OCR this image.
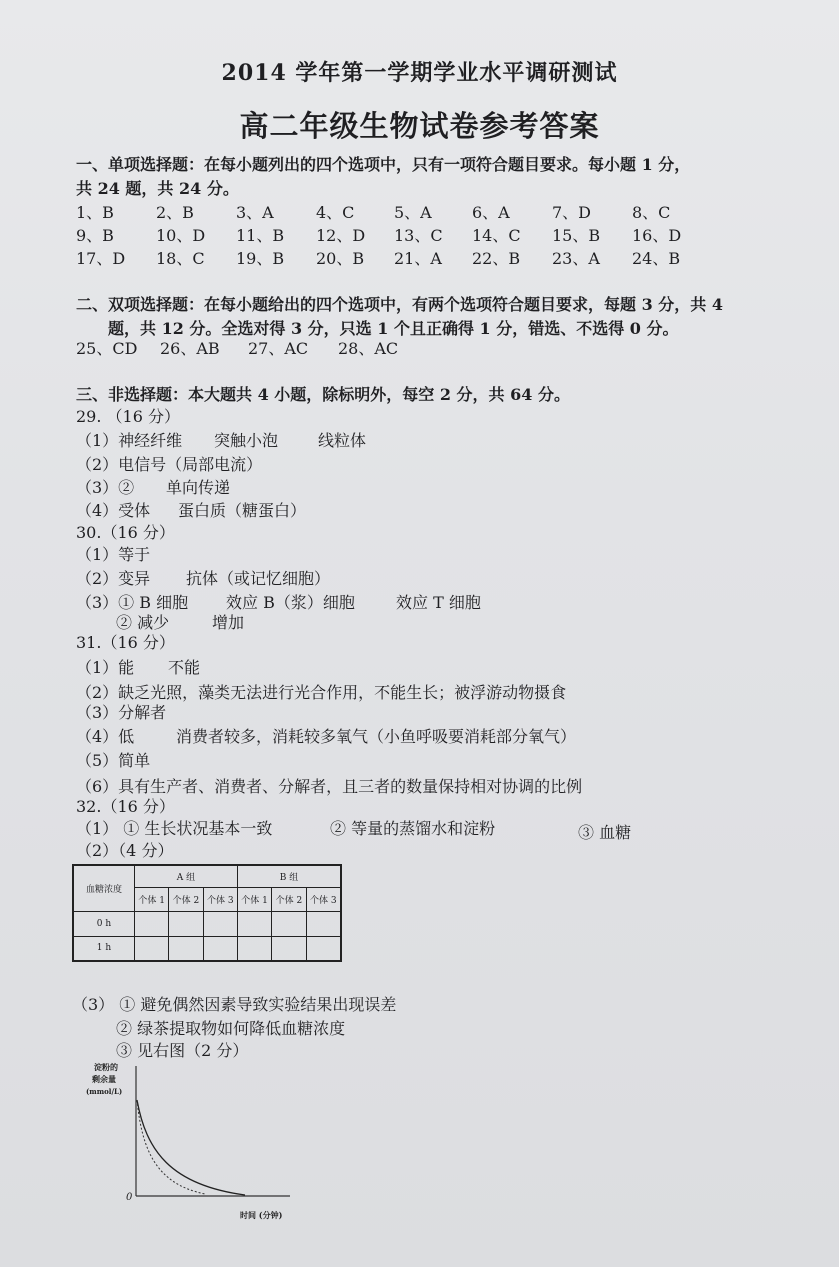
2014 学年第一学期学业水平调研测试
高二年级生物试卷参考答案
一、单项选择题：在每小题列出的四个选项中，只有一项符合题目要求。每小题 1 分，
共 24 题，共 24 分。
1、B	2、B	3、A	4、C 5、A	6、A	7、D	8、C
9、B	10、D 11、B 12、D 13、C 14、C 15、B 16、D
17、D 18、C 19、B 20、B 21、A 22、B 23、A 24、B
二、双项选择题：在每小题给出的四个选项中，有两个选项符合题目要求，每题 3 分，共 4
题，共 12 分。全选对得 3 分，只选 1 个且正确得 1 分，错选、不选得 0 分。
25、CD 26、AB 27、AC 28、AC
三、非选择题：本大题共 4 小题，除标明外，每空 2 分，共 64 分。
29. （16 分）
（1）神经纤维 突触小泡 线粒体
（2）电信号（局部电流）
（3）② 单向传递
（4）受体 蛋白质（糖蛋白）
30.（16 分）
（1）等于
（2）变异 抗体（或记忆细胞）
（3）① B 细胞 效应 B（浆）细胞	效应 T 细胞
② 减少	增加
31.（16 分）
（1）能 不能
（2）缺乏光照，藻类无法进行光合作用，不能生长；被浮游动物摄食
（3）分解者
（4）低	消费者较多，消耗较多氧气（小鱼呼吸要消耗部分氧气）
（5）简单
（6）具有生产者、消费者、分解者，且三者的数量保持相对协调的比例
32.（16 分）
（1） ① 生长状况基本一致	② 等量的蒸馏水和淀粉	③ 血糖
（2）（4 分）
血糖浓度	A 组			B 组		
	个体 1	个体 2	个体 3	个体 1	个体 2	个体 3
0 h						
1 h						
（3） ① 避免偶然因素导致实验结果出现误差
② 绿茶提取物如何降低血糖浓度
③ 见右图（2 分）
淀粉的
剩余量
(mmol/L)
0
时间 (分钟)
